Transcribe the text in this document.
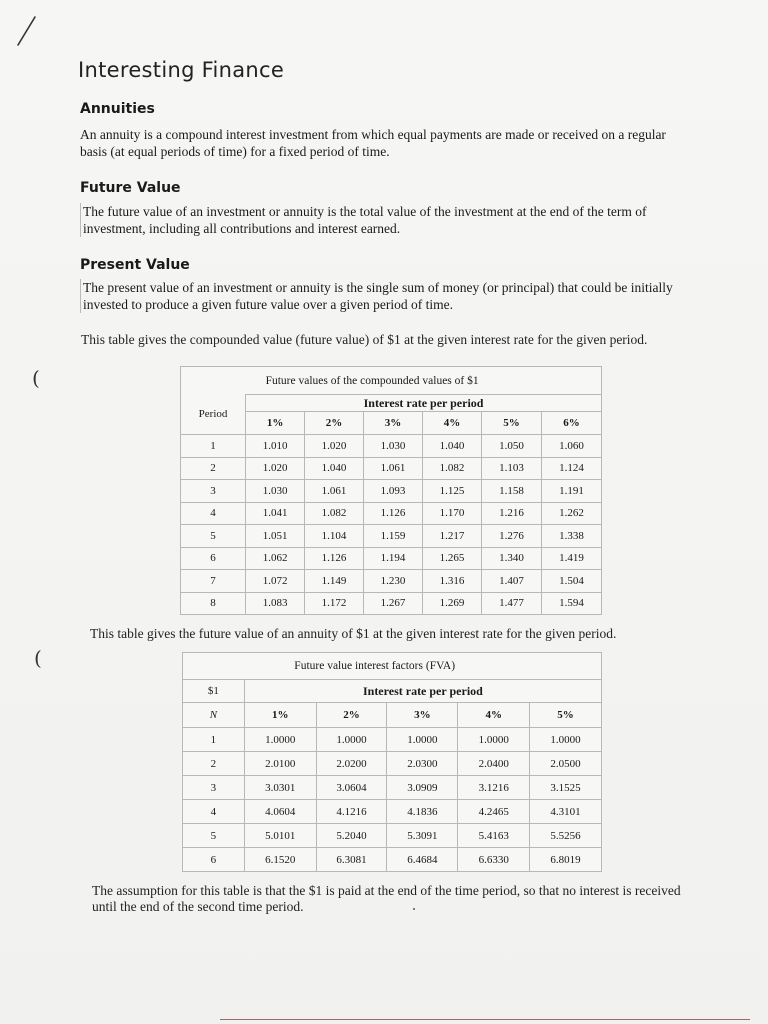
Interesting Finance
Annuities
An annuity is a compound interest investment from which equal payments are made or received on a regular basis (at equal periods of time) for a fixed period of time.
Future Value
The future value of an investment or annuity is the total value of the investment at the end of the term of investment, including all contributions and interest earned.
Present Value
The present value of an investment or annuity is the single sum of money (or principal) that could be initially invested to produce a given future value over a given period of time.
This table gives the compounded value (future value) of $1 at the given interest rate for the given period.
(
(
	Future values of the compounded values of $1					
Period	Interest rate per period					
	1%	2%	3%	4%	5%	6%
1	1.010	1.020	1.030	1.040	1.050	1.060
2	1.020	1.040	1.061	1.082	1.103	1.124
3	1.030	1.061	1.093	1.125	1.158	1.191
4	1.041	1.082	1.126	1.170	1.216	1.262
5	1.051	1.104	1.159	1.217	1.276	1.338
6	1.062	1.126	1.194	1.265	1.340	1.419
7	1.072	1.149	1.230	1.316	1.407	1.504
8	1.083	1.172	1.267	1.269	1.477	1.594
This table gives the future value of an annuity of $1 at the given interest rate for the given period.
	Future value interest factors (FVA)				
$1	Interest rate per period				
N	1%	2%	3%	4%	5%
1	1.0000	1.0000	1.0000	1.0000	1.0000
2	2.0100	2.0200	2.0300	2.0400	2.0500
3	3.0301	3.0604	3.0909	3.1216	3.1525
4	4.0604	4.1216	4.1836	4.2465	4.3101
5	5.0101	5.2040	5.3091	5.4163	5.5256
6	6.1520	6.3081	6.4684	6.6330	6.8019
The assumption for this table is that the $1 is paid at the end of the time period, so that no interest is received until the end of the second time period.
